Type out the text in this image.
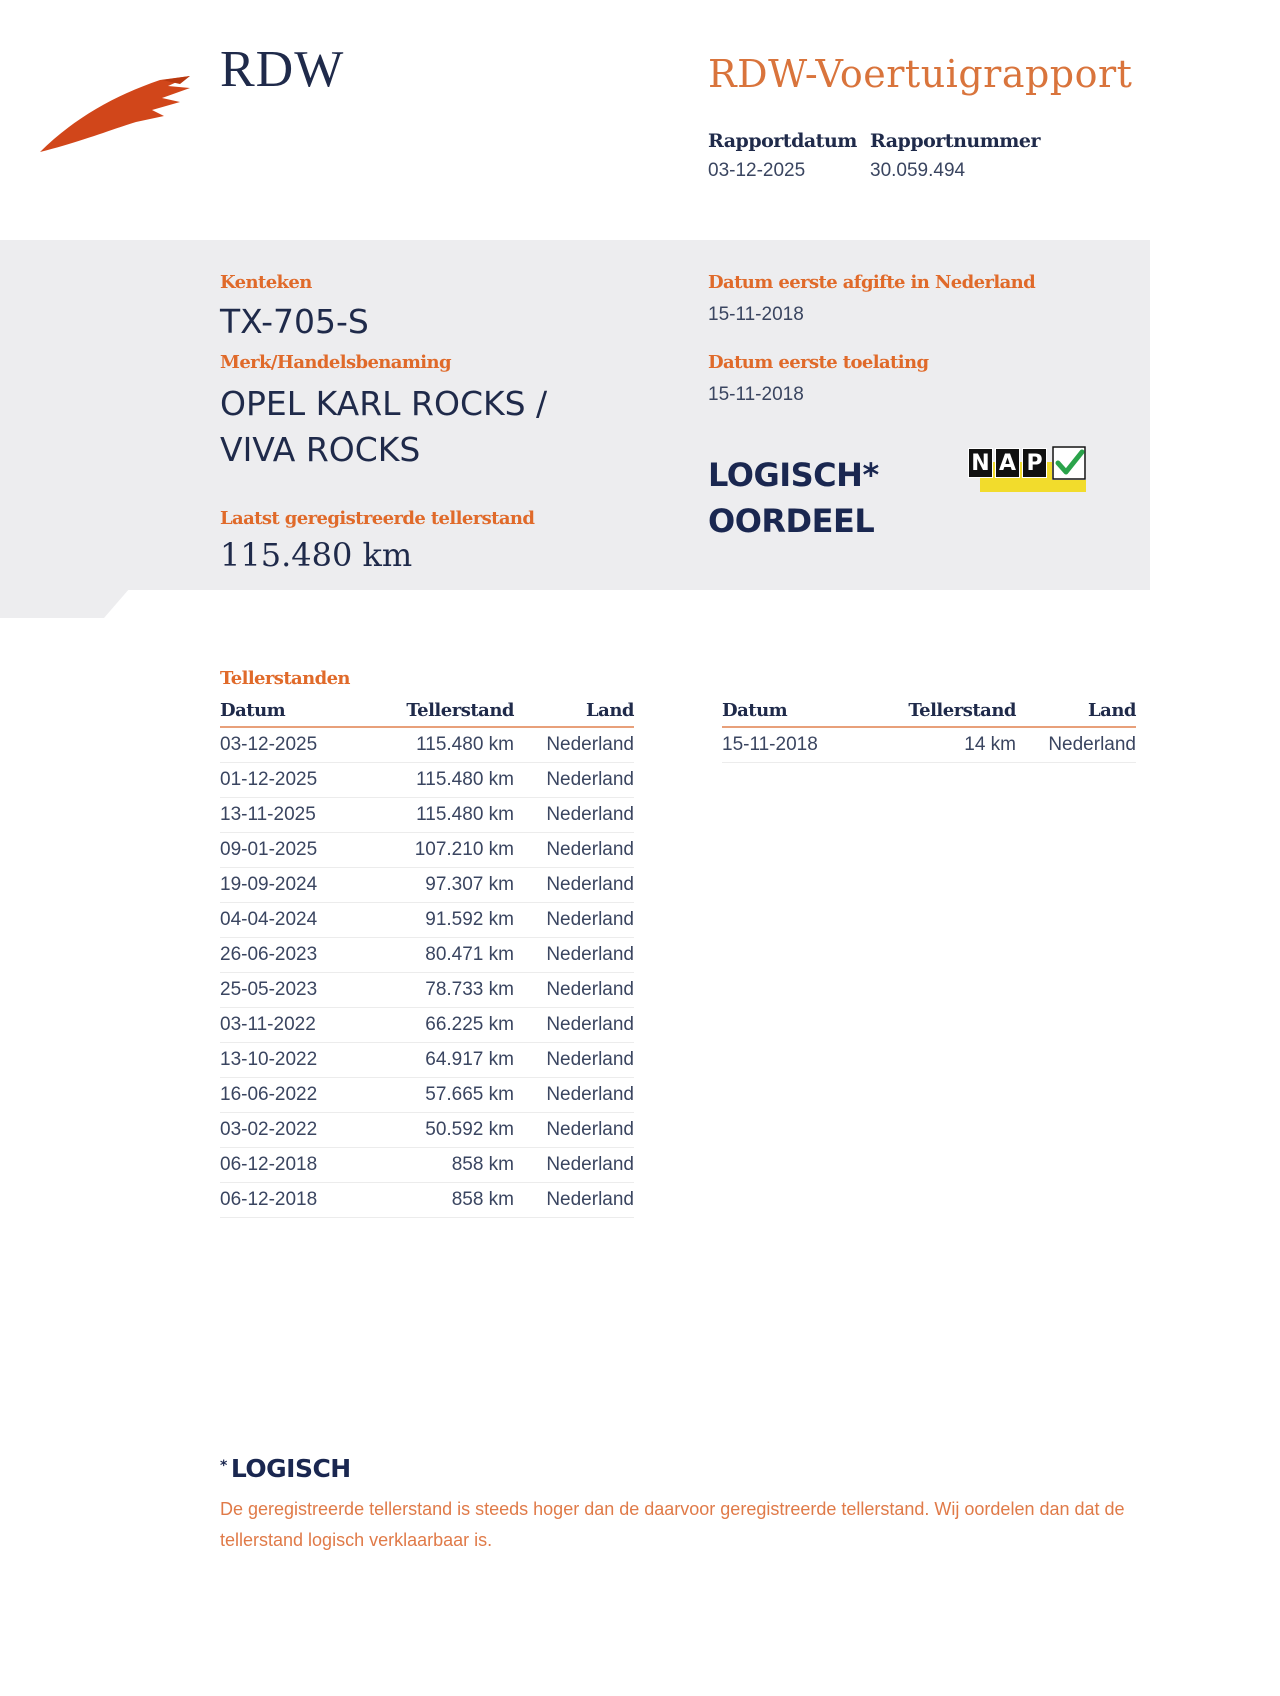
RDW	RDW-Voertuigrapport
Rapportdatum
03-12-2025
Rapportnummer
30.059.494
Kenteken
TX-705-S
Merk/Handelsbenaming
OPEL KARL ROCKS /
VIVA ROCKS
Laatst geregistreerde tellerstand
115.480 km
Datum eerste afgifte in Nederland
15-11-2018
Datum eerste toelating
15-11-2018
LOGISCH*
OORDEEL
N A P
Tellerstanden
Datum	Tellerstand	Land
03-12-2025	115.480 km	Nederland
01-12-2025	115.480 km	Nederland
13-11-2025	115.480 km	Nederland
09-01-2025	107.210 km	Nederland
19-09-2024	97.307 km	Nederland
04-04-2024	91.592 km	Nederland
26-06-2023	80.471 km	Nederland
25-05-2023	78.733 km	Nederland
03-11-2022	66.225 km	Nederland
13-10-2022	64.917 km	Nederland
16-06-2022	57.665 km	Nederland
03-02-2022	50.592 km	Nederland
06-12-2018	858 km	Nederland
06-12-2018	858 km	Nederland
Datum	Tellerstand	Land
15-11-2018	14 km	Nederland
* LOGISCH
De geregistreerde tellerstand is steeds hoger dan de daarvoor geregistreerde tellerstand. Wij oordelen dan dat de tellerstand logisch verklaarbaar is.
